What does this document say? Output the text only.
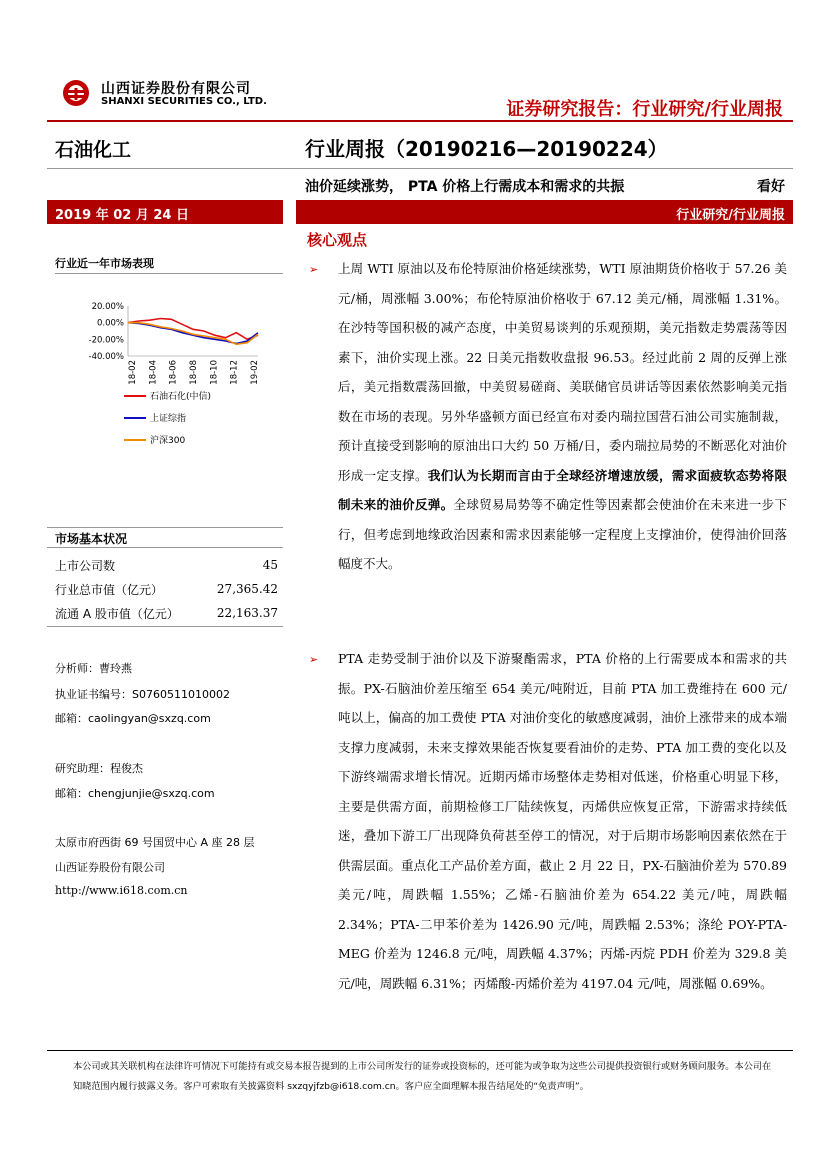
山西证券股份有限公司
SHANXI SECURITIES CO., LTD.	证券研究报告：行业研究/行业周报
石油化工	行业周报（20190216—20190224）
油价延续涨势， PTA 价格上行需成本和需求的共振	看好
2019 年 02 月 24 日	行业研究/行业周报
核心观点
行业近一年市场表现
20.00%
0.00%
-20.00%
-40.00%
18-02 18-04 18-06 18-08 18-10 18-12 19-02
石油石化(中信)
上证综指
沪深300
市场基本状况
上市公司数	45
行业总市值（亿元）	27,365.42
流通 A 股市值（亿元）	22,163.37
分析师：曹玲燕
执业证书编号：S0760511010002
邮箱：caolingyan@sxzq.com
研究助理：程俊杰
邮箱：chengjunjie@sxzq.com
太原市府西街 69 号国贸中心 A 座 28 层
山西证券股份有限公司
http://www.i618.com.cn
➢ 上周 WTI 原油以及布伦特原油价格延续涨势，WTI 原油期货价格收于 57.26 美元/桶，周涨幅 3.00%；布伦特原油价格收于 67.12 美元/桶，周涨幅 1.31%。在沙特等国积极的减产态度，中美贸易谈判的乐观预期，美元指数走势震荡等因素下，油价实现上涨。22 日美元指数收盘报 96.53。经过此前 2 周的反弹上涨后，美元指数震荡回撤，中美贸易磋商、美联储官员讲话等因素依然影响美元指数在市场的表现。另外华盛顿方面已经宣布对委内瑞拉国营石油公司实施制裁，预计直接受到影响的原油出口大约 50 万桶/日，委内瑞拉局势的不断恶化对油价形成一定支撑。我们认为长期而言由于全球经济增速放缓，需求面疲软态势将限制未来的油价反弹。全球贸易局势等不确定性等因素都会使油价在未来进一步下行，但考虑到地缘政治因素和需求因素能够一定程度上支撑油价，使得油价回落幅度不大。
➢ PTA 走势受制于油价以及下游聚酯需求，PTA 价格的上行需要成本和需求的共振。PX-石脑油价差压缩至 654 美元/吨附近，目前 PTA 加工费维持在 600 元/吨以上，偏高的加工费使 PTA 对油价变化的敏感度减弱，油价上涨带来的成本端支撑力度减弱，未来支撑效果能否恢复要看油价的走势、PTA 加工费的变化以及下游终端需求增长情况。近期丙烯市场整体走势相对低迷，价格重心明显下移，主要是供需方面，前期检修工厂陆续恢复，丙烯供应恢复正常，下游需求持续低迷，叠加下游工厂出现降负荷甚至停工的情况，对于后期市场影响因素依然在于供需层面。重点化工产品价差方面，截止 2 月 22 日，PX-石脑油价差为 570.89 美元/吨，周跌幅 1.55%；乙烯-石脑油价差为 654.22 美元/吨，周跌幅 2.34%；PTA-二甲苯价差为 1426.90 元/吨，周跌幅 2.53%；涤纶 POY-PTA-MEG 价差为 1246.8 元/吨，周跌幅 4.37%；丙烯-丙烷 PDH 价差为 329.8 美元/吨，周跌幅 6.31%；丙烯酸-丙烯价差为 4197.04 元/吨，周涨幅 0.69%。
本公司或其关联机构在法律许可情况下可能持有或交易本报告提到的上市公司所发行的证券或投资标的，还可能为或争取为这些公司提供投资银行或财务顾问服务。本公司在知晓范围内履行披露义务。客户可索取有关披露资料 sxzqyjfzb@i618.com.cn。客户应全面理解本报告结尾处的“免责声明”。
